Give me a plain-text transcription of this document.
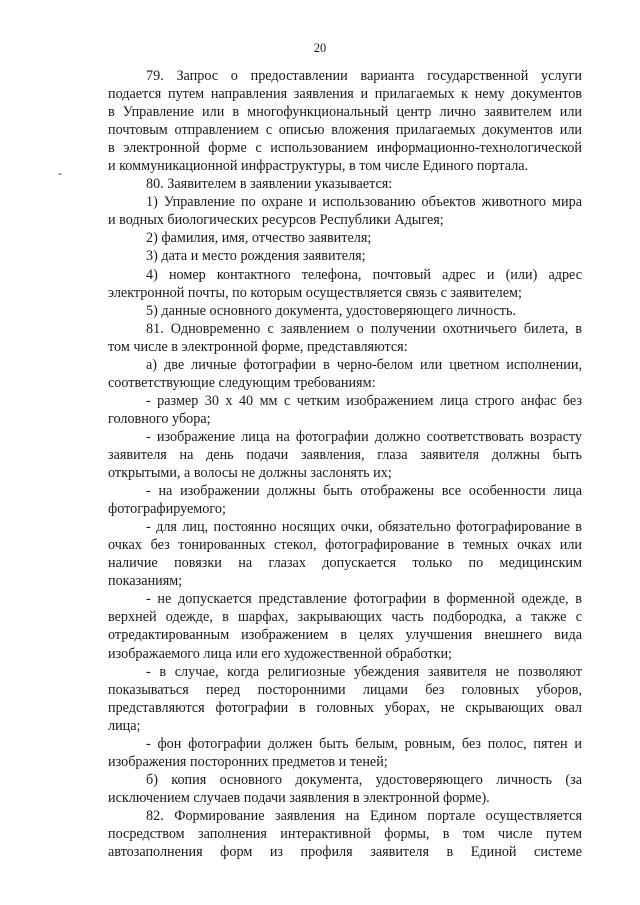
20
-

79. Запрос о предоставлении варианта государственной услуги

подается путем направления заявления и прилагаемых к нему документов

в Управление или в многофункциональный центр лично заявителем или

почтовым отправлением с описью вложения прилагаемых документов или

в электронной форме с использованием информационно-технологической

и коммуникационной инфраструктуры, в том числе Единого портала.

80. Заявителем в заявлении указывается:

1) Управление по охране и использованию объектов животного мира

и водных биологических ресурсов Республики Адыгея;

2) фамилия, имя, отчество заявителя;

3) дата и место рождения заявителя;

4) номер контактного телефона, почтовый адрес и (или) адрес

электронной почты, по которым осуществляется связь с заявителем;

5) данные основного документа, удостоверяющего личность.

81. Одновременно с заявлением о получении охотничьего билета, в

том числе в электронной форме, представляются:

а) две личные фотографии в черно-белом или цветном исполнении,

соответствующие следующим требованиям:

- размер 30 х 40 мм с четким изображением лица строго анфас без

головного убора;

- изображение лица на фотографии должно соответствовать возрасту

заявителя на день подачи заявления, глаза заявителя должны быть

открытыми, а волосы не должны заслонять их;

- на изображении должны быть отображены все особенности лица

фотографируемого;

- для лиц, постоянно носящих очки, обязательно фотографирование в

очках без тонированных стекол, фотографирование в темных очках или

наличие повязки на глазах допускается только по медицинским

показаниям;

- не допускается представление фотографии в форменной одежде, в

верхней одежде, в шарфах, закрывающих часть подбородка, а также с

отредактированным изображением в целях улучшения внешнего вида

изображаемого лица или его художественной обработки;

- в случае, когда религиозные убеждения заявителя не позволяют

показываться перед посторонними лицами без головных уборов,

представляются фотографии в головных уборах, не скрывающих овал

лица;

- фон фотографии должен быть белым, ровным, без полос, пятен и

изображения посторонних предметов и теней;

б) копия основного документа, удостоверяющего личность (за

исключением случаев подачи заявления в электронной форме).

82. Формирование заявления на Едином портале осуществляется

посредством заполнения интерактивной формы, в том числе путем

автозаполнения форм из профиля заявителя в Единой системе
